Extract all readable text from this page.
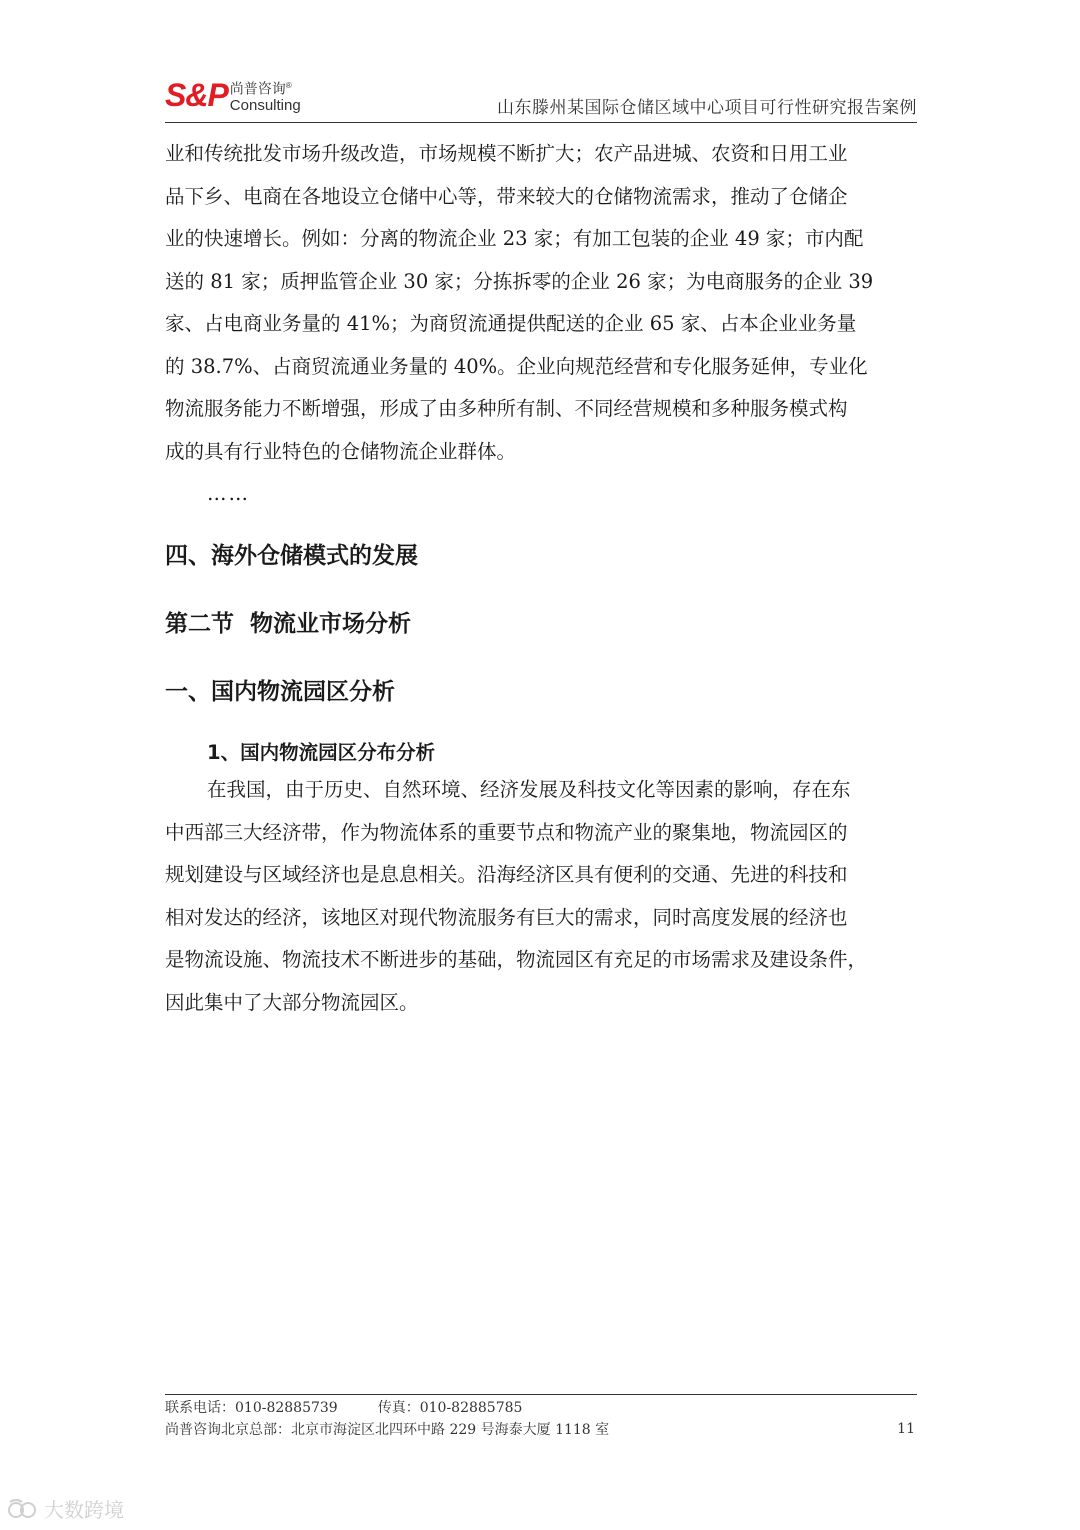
S&P 尚普咨询®
Consulting	山东滕州某国际仓储区域中心项目可行性研究报告案例

业和传统批发市场升级改造，市场规模不断扩大；农产品进城、农资和日用工业

品下乡、电商在各地设立仓储中心等，带来较大的仓储物流需求，推动了仓储企

业的快速增长。例如：分离的物流企业 23 家；有加工包装的企业 49 家；市内配

送的 81 家；质押监管企业 30 家；分拣拆零的企业 26 家；为电商服务的企业 39

家、占电商业务量的 41%；为商贸流通提供配送的企业 65 家、占本企业业务量

的 38.7%、占商贸流通业务量的 40%。企业向规范经营和专化服务延伸，专业化

物流服务能力不断增强，形成了由多种所有制、不同经营规模和多种服务模式构

成的具有行业特色的仓储物流企业群体。

……

四、海外仓储模式的发展
第二节  物流业市场分析
一、国内物流园区分析
1、国内物流园区分布分析

在我国，由于历史、自然环境、经济发展及科技文化等因素的影响，存在东

中西部三大经济带，作为物流体系的重要节点和物流产业的聚集地，物流园区的

规划建设与区域经济也是息息相关。沿海经济区具有便利的交通、先进的科技和

相对发达的经济，该地区对现代物流服务有巨大的需求，同时高度发展的经济也

是物流设施、物流技术不断进步的基础，物流园区有充足的市场需求及建设条件，

因此集中了大部分物流园区。

联系电话：010-82885739	传真：010-82885785
尚普咨询北京总部：北京市海淀区北四环中路 229 号海泰大厦 1118 室	11
大数跨境
